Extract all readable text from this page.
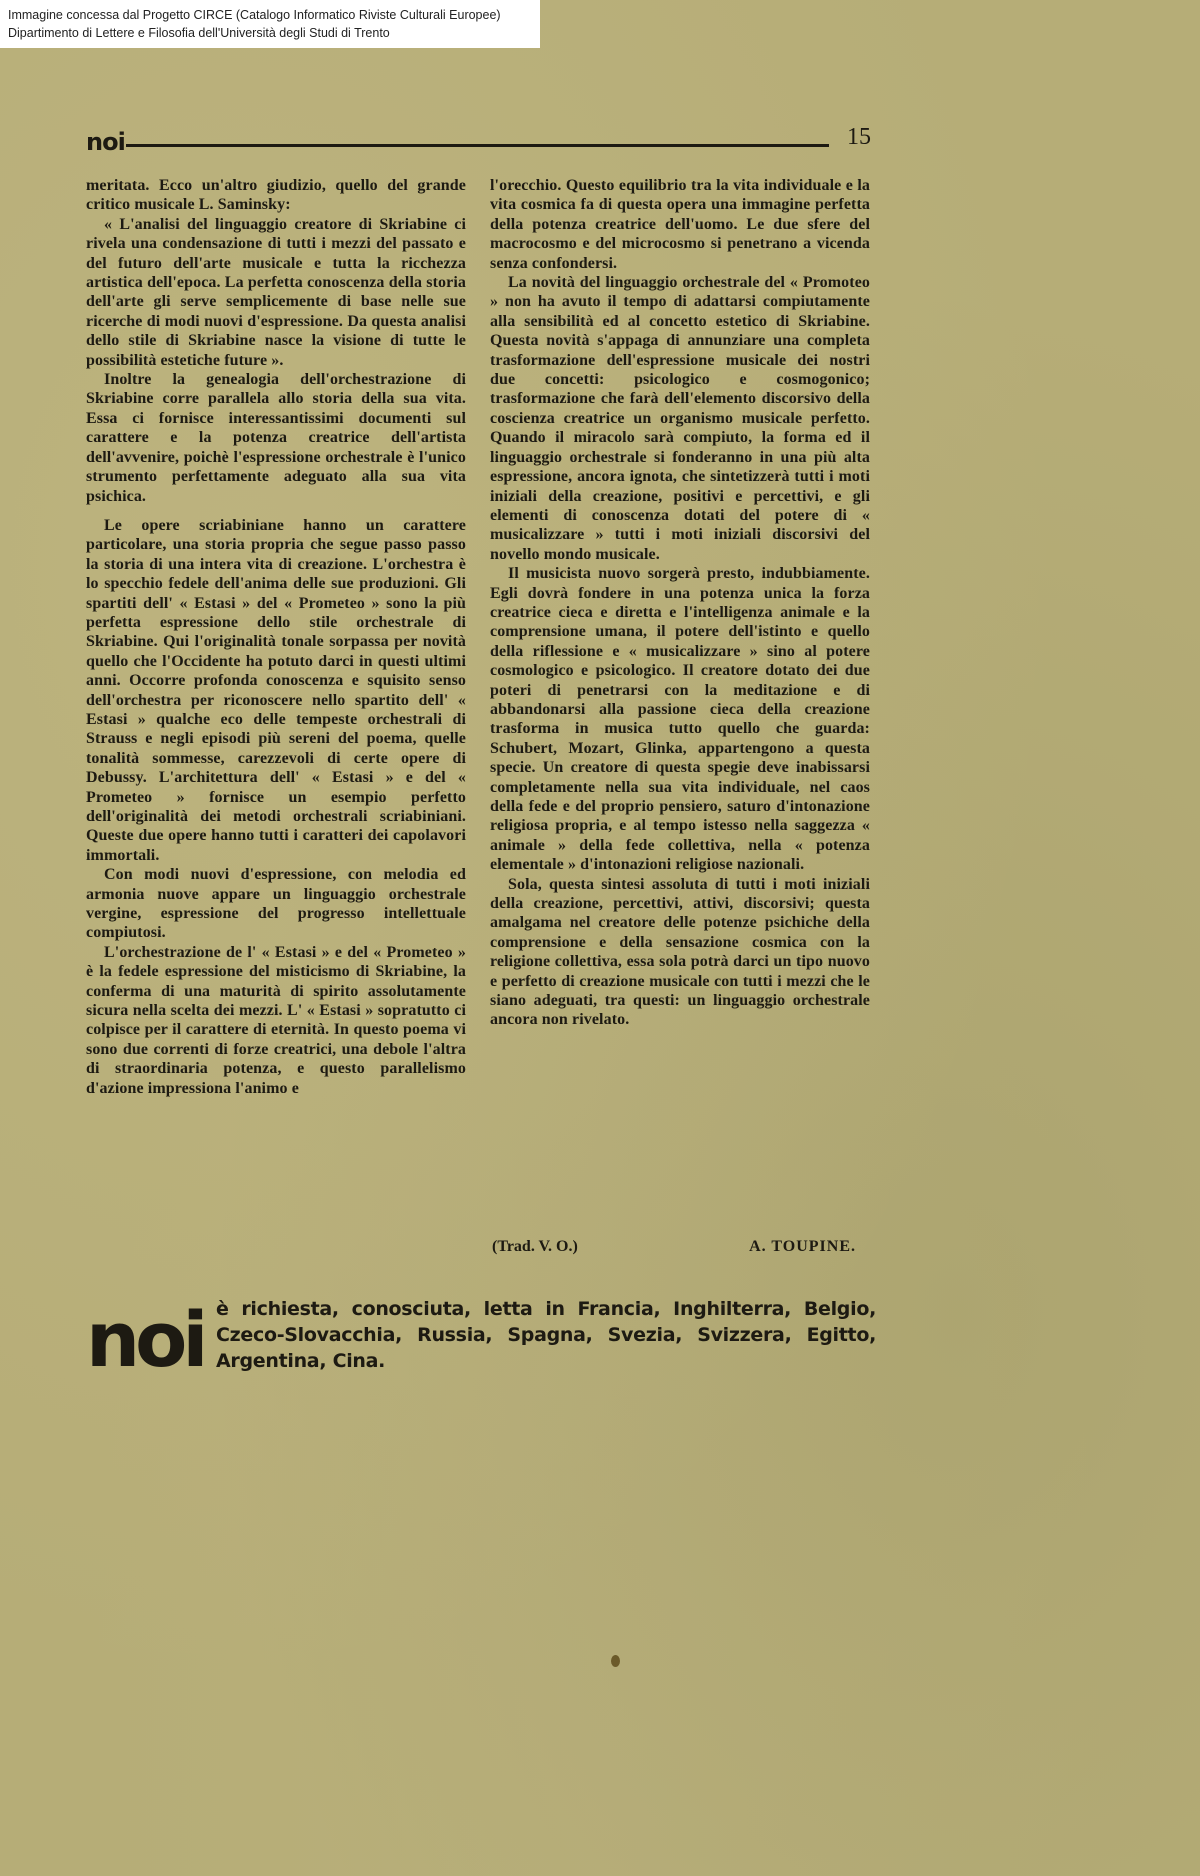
Immagine concessa dal Progetto CIRCE (Catalogo Informatico Riviste Culturali Europee)
Dipartimento di Lettere e Filosofia dell'Università degli Studi di Trento
noi	15

meritata. Ecco un'altro giudizio, quello del grande critico musicale L. Saminsky:

« L'analisi del linguaggio creatore di Skriabine ci rivela una condensazione di tutti i mezzi del passato e del futuro dell'arte musicale e tutta la ricchezza artistica dell'epoca. La perfetta conoscenza della storia dell'arte gli serve semplicemente di base nelle sue ricerche di modi nuovi d'espressione. Da questa analisi dello stile di Skriabine nasce la visione di tutte le possibilità estetiche future ».

Inoltre la genealogia dell'orchestrazione di Skriabine corre parallela allo storia della sua vita. Essa ci fornisce interessantissimi documenti sul carattere e la potenza creatrice dell'artista dell'avvenire, poichè l'espressione orchestrale è l'unico strumento perfettamente adeguato alla sua vita psichica.

Le opere scriabiniane hanno un carattere particolare, una storia propria che segue passo passo la storia di una intera vita di creazione. L'orchestra è lo specchio fedele dell'anima delle sue produzioni. Gli spartiti dell' « Estasi » del « Prometeo » sono la più perfetta espressione dello stile orchestrale di Skriabine. Qui l'originalità tonale sorpassa per novità quello che l'Occidente ha potuto darci in questi ultimi anni. Occorre profonda conoscenza e squisito senso dell'orchestra per riconoscere nello spartito dell' « Estasi » qualche eco delle tempeste orchestrali di Strauss e negli episodi più sereni del poema, quelle tonalità sommesse, carezzevoli di certe opere di Debussy. L'architettura dell' « Estasi » e del « Prometeo » fornisce un esempio perfetto dell'originalità dei metodi orchestrali scriabiniani. Queste due opere hanno tutti i caratteri dei capolavori immortali.

Con modi nuovi d'espressione, con melodia ed armonia nuove appare un linguaggio orchestrale vergine, espressione del progresso intellettuale compiutosi.

L'orchestrazione de l' « Estasi » e del « Prometeo » è la fedele espressione del misticismo di Skriabine, la conferma di una maturità di spirito assolutamente sicura nella scelta dei mezzi. L' « Estasi » sopratutto ci colpisce per il carattere di eternità. In questo poema vi sono due correnti di forze creatrici, una debole l'altra di straordinaria potenza, e questo parallelismo d'azione impressiona l'animo e

l'orecchio. Questo equilibrio tra la vita individuale e la vita cosmica fa di questa opera una immagine perfetta della potenza creatrice dell'uomo. Le due sfere del macrocosmo e del microcosmo si penetrano a vicenda senza confondersi.

La novità del linguaggio orchestrale del « Promoteo » non ha avuto il tempo di adattarsi compiutamente alla sensibilità ed al concetto estetico di Skriabine. Questa novità s'appaga di annunziare una completa trasformazione dell'espressione musicale dei nostri due concetti: psicologico e cosmogonico; trasformazione che farà dell'elemento discorsivo della coscienza creatrice un organismo musicale perfetto. Quando il miracolo sarà compiuto, la forma ed il linguaggio orchestrale si fonderanno in una più alta espressione, ancora ignota, che sintetizzerà tutti i moti iniziali della creazione, positivi e percettivi, e gli elementi di conoscenza dotati del potere di « musicalizzare » tutti i moti iniziali discorsivi del novello mondo musicale.

Il musicista nuovo sorgerà presto, indubbiamente. Egli dovrà fondere in una potenza unica la forza creatrice cieca e diretta e l'intelligenza animale e la comprensione umana, il potere dell'istinto e quello della riflessione e « musicalizzare » sino al potere cosmologico e psicologico. Il creatore dotato dei due poteri di penetrarsi con la meditazione e di abbandonarsi alla passione cieca della creazione trasforma in musica tutto quello che guarda: Schubert, Mozart, Glinka, appartengono a questa specie. Un creatore di questa spegie deve inabissarsi completamente nella sua vita individuale, nel caos della fede e del proprio pensiero, saturo d'intonazione religiosa propria, e al tempo istesso nella saggezza « animale » della fede collettiva, nella « potenza elementale » d'intonazioni religiose nazionali.

Sola, questa sintesi assoluta di tutti i moti iniziali della creazione, percettivi, attivi, discorsivi; questa amalgama nel creatore delle potenze psichiche della comprensione e della sensazione cosmica con la religione collettiva, essa sola potrà darci un tipo nuovo e perfetto di creazione musicale con tutti i mezzi che le siano adeguati, tra questi: un linguaggio orchestrale ancora non rivelato.

(Trad. V. O.)	A. TOUPINE.
noi è richiesta, conosciuta, letta in Francia, Inghilterra, Belgio, Czeco-Slovacchia, Russia, Spagna, Svezia, Svizzera, Egitto, Argentina, Cina.
